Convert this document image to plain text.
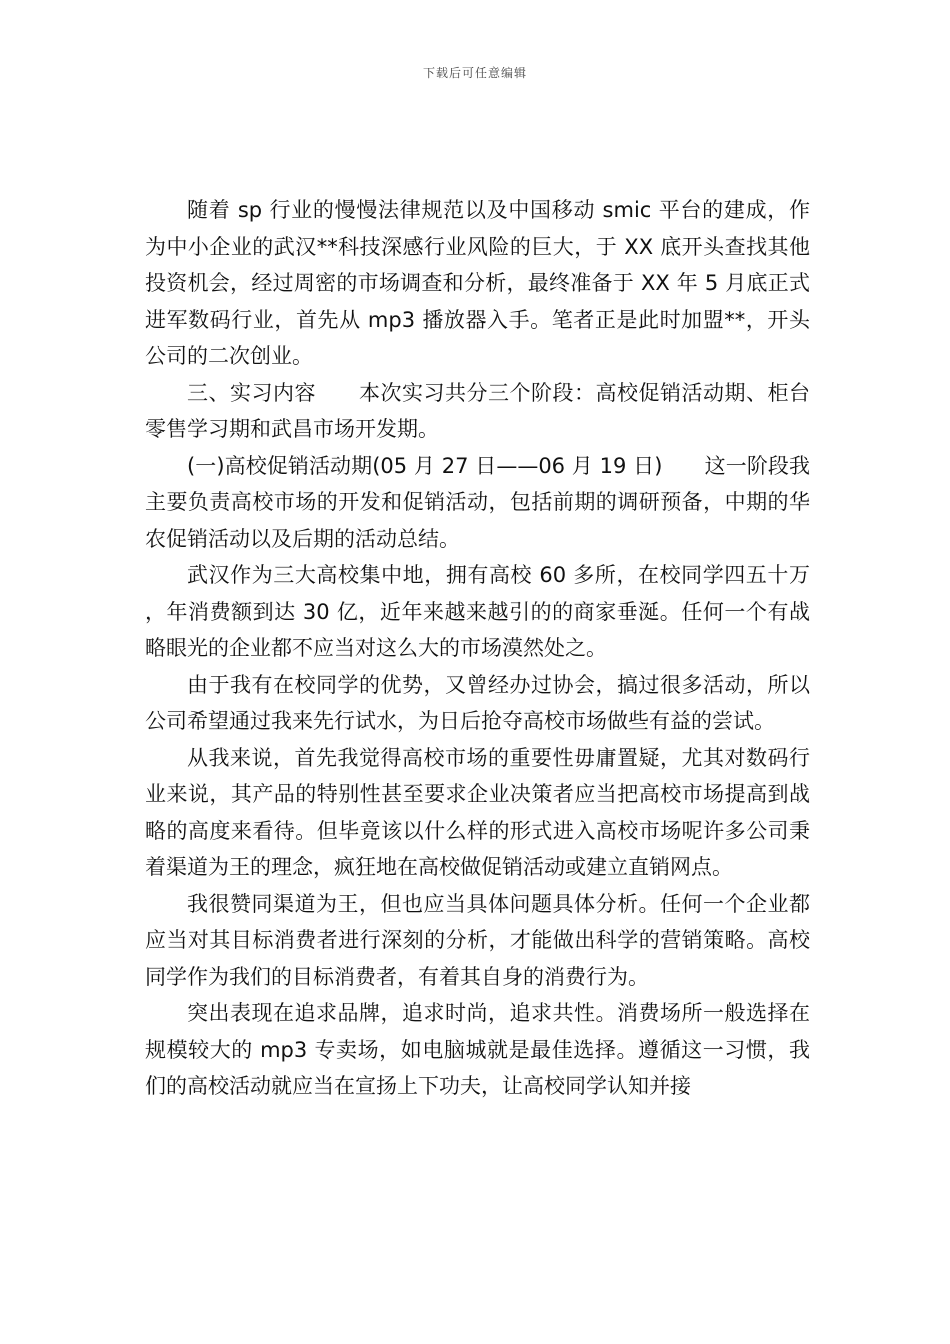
下载后可任意编辑

随着 sp 行业的慢慢法律规范以及中国移动 smic 平台的建成，作为中小企业的武汉**科技深感行业风险的巨大，于 XX 底开头查找其他投资机会，经过周密的市场调查和分析，最终准备于 XX 年 5 月底正式进军数码行业，首先从 mp3 播放器入手。笔者正是此时加盟**，开头公司的二次创业。

三、实习内容　　本次实习共分三个阶段：高校促销活动期、柜台零售学习期和武昌市场开发期。

(一)高校促销活动期(05 月 27 日——06 月 19 日)　　这一阶段我主要负责高校市场的开发和促销活动，包括前期的调研预备，中期的华农促销活动以及后期的活动总结。

武汉作为三大高校集中地，拥有高校 60 多所，在校同学四五十万，年消费额到达 30 亿，近年来越来越引的的商家垂涎。任何一个有战略眼光的企业都不应当对这么大的市场漠然处之。

由于我有在校同学的优势，又曾经办过协会，搞过很多活动，所以公司希望通过我来先行试水，为日后抢夺高校市场做些有益的尝试。

从我来说，首先我觉得高校市场的重要性毋庸置疑，尤其对数码行业来说，其产品的特别性甚至要求企业决策者应当把高校市场提高到战略的高度来看待。但毕竟该以什么样的形式进入高校市场呢许多公司秉着渠道为王的理念，疯狂地在高校做促销活动或建立直销网点。

我很赞同渠道为王，但也应当具体问题具体分析。任何一个企业都应当对其目标消费者进行深刻的分析，才能做出科学的营销策略。高校同学作为我们的目标消费者，有着其自身的消费行为。

突出表现在追求品牌，追求时尚，追求共性。消费场所一般选择在规模较大的 mp3 专卖场，如电脑城就是最佳选择。遵循这一习惯，我们的高校活动就应当在宣扬上下功夫，让高校同学认知并接
